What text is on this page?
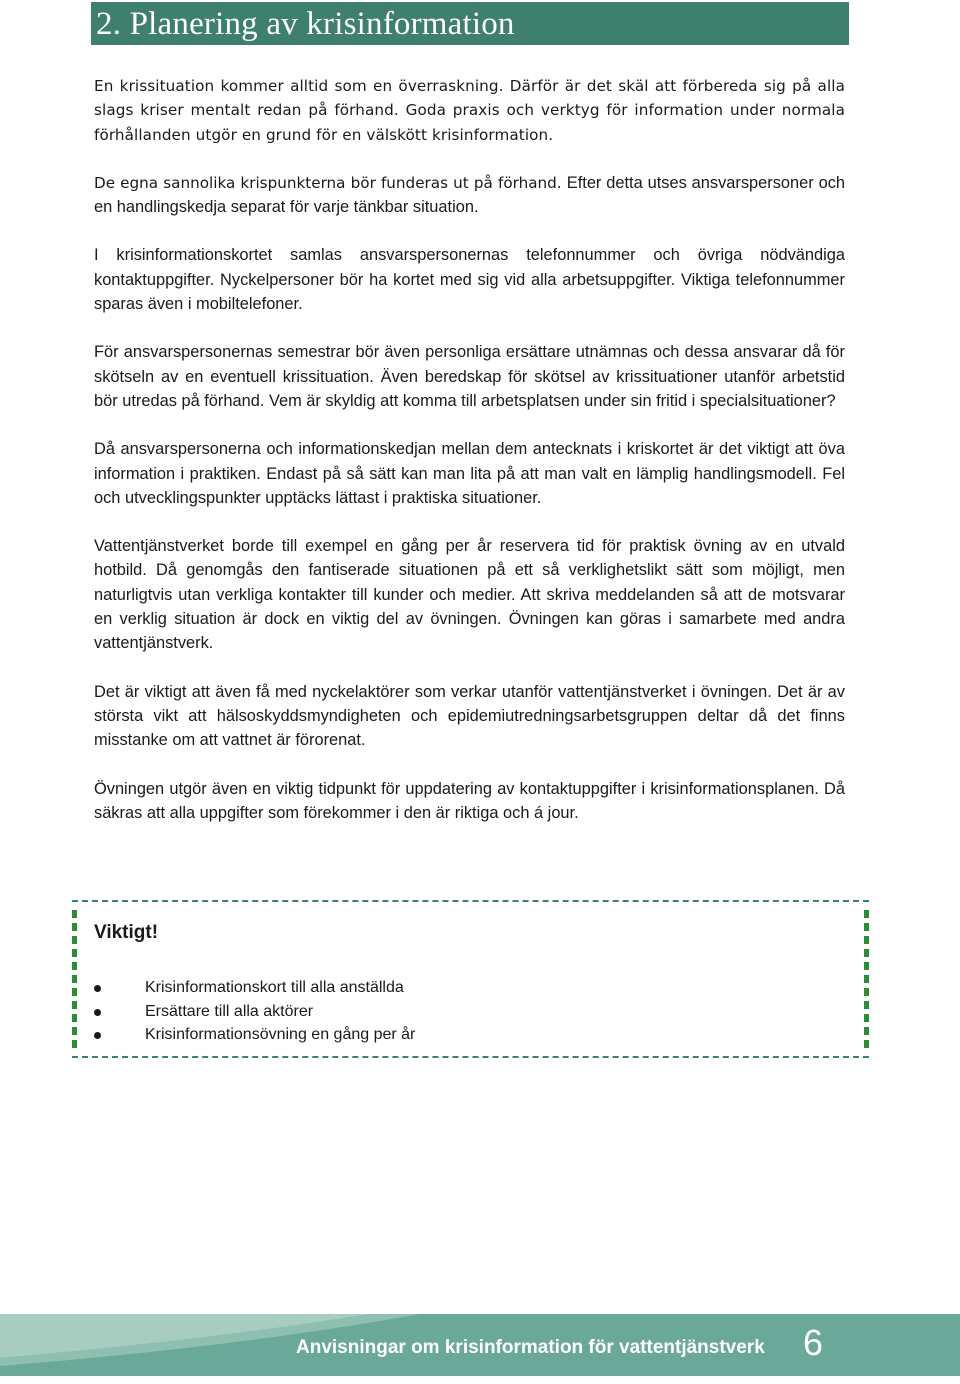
2. Planering av krisinformation

En krissituation kommer alltid som en överraskning. Därför är det skäl att förbereda sig på alla slags kriser mentalt redan på förhand. Goda praxis och verktyg för information under normala förhållanden utgör en grund för en välskött krisinformation.

De egna sannolika krispunkterna bör funderas ut på förhand. Efter detta utses ansvarspersoner och en handlingskedja separat för varje tänkbar situation.

I krisinformationskortet samlas ansvarspersonernas telefonnummer och övriga nödvändiga kontaktuppgifter. Nyckelpersoner bör ha kortet med sig vid alla arbetsuppgifter. Viktiga telefonnummer sparas även i mobiltelefoner.

För ansvarspersonernas semestrar bör även personliga ersättare utnämnas och dessa ansvarar då för skötseln av en eventuell krissituation. Även beredskap för skötsel av krissituationer utanför arbetstid bör utredas på förhand. Vem är skyldig att komma till arbetsplatsen under sin fritid i specialsituationer?

Då ansvarspersonerna och informationskedjan mellan dem antecknats i kriskortet är det viktigt att öva information i praktiken. Endast på så sätt kan man lita på att man valt en lämplig handlingsmodell. Fel och utvecklingspunkter upptäcks lättast i praktiska situationer.

Vattentjänstverket borde till exempel en gång per år reservera tid för praktisk övning av en utvald hotbild. Då genomgås den fantiserade situationen på ett så verklighetslikt sätt som möjligt, men naturligtvis utan verkliga kontakter till kunder och medier. Att skriva meddelanden så att de motsvarar en verklig situation är dock en viktig del av övningen. Övningen kan göras i samarbete med andra vattentjänstverk.

Det är viktigt att även få med nyckelaktörer som verkar utanför vattentjänstverket i övningen. Det är av största vikt att hälsoskyddsmyndigheten och epidemiutredningsarbetsgruppen deltar då det finns misstanke om att vattnet är förorenat.

Övningen utgör även en viktig tidpunkt för uppdatering av kontaktuppgifter i krisinformationsplanen. Då säkras att alla uppgifter som förekommer i den är riktiga och á jour.

Viktigt!
Krisinformationskort till alla anställda
Ersättare till alla aktörer
Krisinformationsövning en gång per år
Anvisningar om krisinformation för vattentjänstverk 6
